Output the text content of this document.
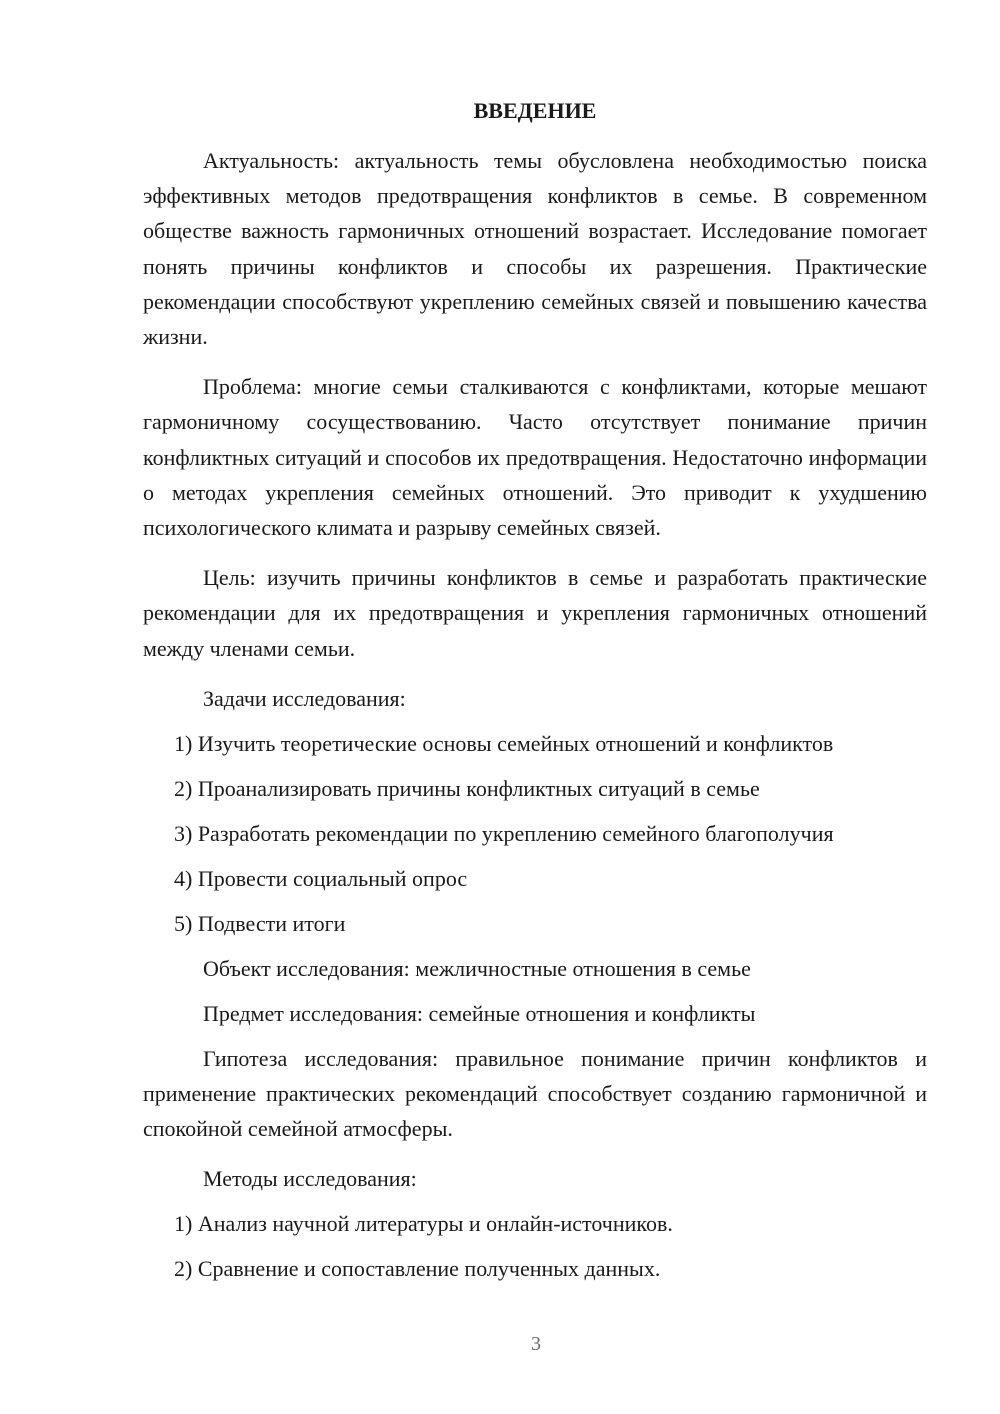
ВВЕДЕНИЕ

Актуальность: актуальность темы обусловлена необходимостью поиска эффективных методов предотвращения конфликтов в семье. В современном обществе важность гармоничных отношений возрастает. Исследование помогает понять причины конфликтов и способы их разрешения. Практические рекомендации способствуют укреплению семейных связей и повышению качества жизни.

Проблема: многие семьи сталкиваются с конфликтами, которые мешают гармоничному сосуществованию. Часто отсутствует понимание причин конфликтных ситуаций и способов их предотвращения. Недостаточно информации о методах укрепления семейных отношений. Это приводит к ухудшению психологического климата и разрыву семейных связей.

Цель: изучить причины конфликтов в семье и разработать практические рекомендации для их предотвращения и укрепления гармоничных отношений между членами семьи.

Задачи исследования:
1) Изучить теоретические основы семейных отношений и конфликтов
2) Проанализировать причины конфликтных ситуаций в семье
3) Разработать рекомендации по укреплению семейного благополучия
4) Провести социальный опрос
5) Подвести итоги
Объект исследования: межличностные отношения в семье
Предмет исследования: семейные отношения и конфликты

Гипотеза исследования: правильное понимание причин конфликтов и применение практических рекомендаций способствует созданию гармоничной и спокойной семейной атмосферы.

Методы исследования:
1) Анализ научной литературы и онлайн-источников.
2) Сравнение и сопоставление полученных данных.
3
